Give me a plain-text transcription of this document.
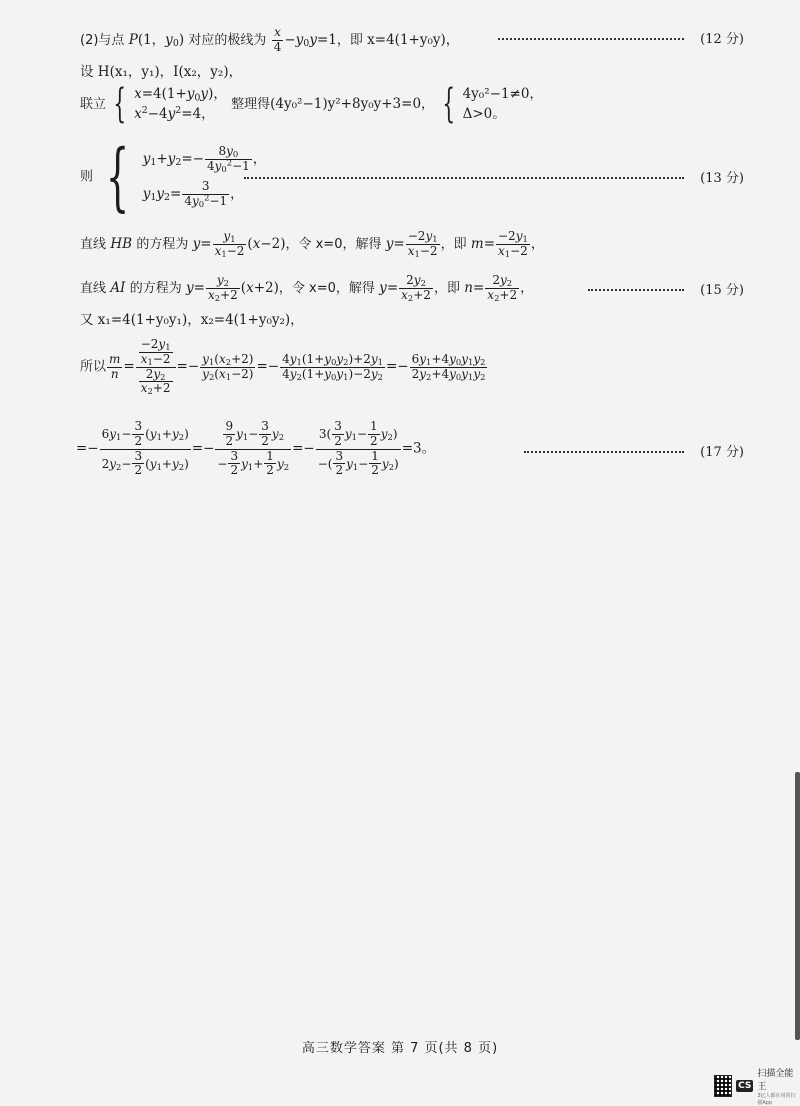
(2)与点 P(1，$y_0$) 对应的极线为 $\frac{x}{4} -y_0y=1$，即 x=4(1+y₀y)，	(12 分)
设 H(x₁，y₁)，I(x₂，y₂)，
联立 { $x=4(1+y_0y)$，
$x^2-4y^2=4$，
整理得(4y₀²−1)y²+8y₀y+3=0， { 4y₀²−1≠0，
Δ>0。
则 { $y_1+y_2=- \frac{8y_0}{4y_0^2-1}$ ，
$y_1y_2= \frac{3}{4y_0^2-1}$ ，
(13 分)
直线 HB 的方程为 $y= \frac{y_1}{x_1-2} (x-2)$，令 x=0，解得 $y= \frac{-2y_1}{x_1-2}$ ，即 $m= \frac{-2y_1}{x_1-2}$ ，
直线 AI 的方程为 $y= \frac{y_2}{x_2+2} (x+2)$，令 x=0，解得 $y= \frac{2y_2}{x_2+2}$ ，即 $n= \frac{2y_2}{x_2+2}$ ，	(15 分)
又 x₁=4(1+y₀y₁)，x₂=4(1+y₀y₂)，
所以 $\frac{m}{n} = \frac{\frac{-2y_1}{x_1-2}}{\frac{2y_2}{x_2+2}} =- \frac{y_1(x_2+2)}{y_2(x_1-2)} =- \frac{4y_1(1+y_0y_2)+2y_1}{4y_2(1+y_0y_1)-2y_2} =- \frac{6y_1+4y_0y_1y_2}{2y_2+4y_0y_1y_2}$
=− $\frac{6y_1- \frac{3}{2} (y_1+y_2)}{2y_2- \frac{3}{2} (y_1+y_2)} =- \frac{\frac{9}{2} y_1- \frac{3}{2} y_2}{- \frac{3}{2} y_1+ \frac{1}{2} y_2} =- \frac{3( \frac{3}{2} y_1- \frac{1}{2} y_2)}{-( \frac{3}{2} y_1- \frac{1}{2} y_2)} =3$。	(17 分)
高三数学答案 第 7 页(共 8 页)
CS
扫描全能王
3亿人都在用的扫描App
